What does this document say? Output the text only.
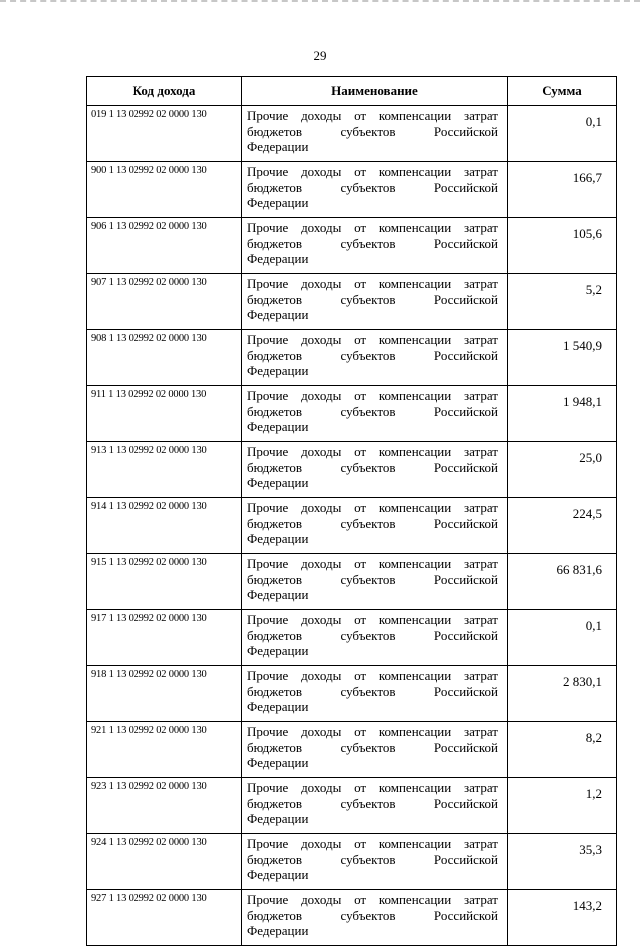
29
Код дохода	Наименование	Сумма
019 1 13 02992 02 0000 130	Прочие доходы от компенсации затрат
бюджетов субъектов Российской
Федерации	0,1
900 1 13 02992 02 0000 130	Прочие доходы от компенсации затрат
бюджетов субъектов Российской
Федерации	166,7
906 1 13 02992 02 0000 130	Прочие доходы от компенсации затрат
бюджетов субъектов Российской
Федерации	105,6
907 1 13 02992 02 0000 130	Прочие доходы от компенсации затрат
бюджетов субъектов Российской
Федерации	5,2
908 1 13 02992 02 0000 130	Прочие доходы от компенсации затрат
бюджетов субъектов Российской
Федерации	1 540,9
911 1 13 02992 02 0000 130	Прочие доходы от компенсации затрат
бюджетов субъектов Российской
Федерации	1 948,1
913 1 13 02992 02 0000 130	Прочие доходы от компенсации затрат
бюджетов субъектов Российской
Федерации	25,0
914 1 13 02992 02 0000 130	Прочие доходы от компенсации затрат
бюджетов субъектов Российской
Федерации	224,5
915 1 13 02992 02 0000 130	Прочие доходы от компенсации затрат
бюджетов субъектов Российской
Федерации	66 831,6
917 1 13 02992 02 0000 130	Прочие доходы от компенсации затрат
бюджетов субъектов Российской
Федерации	0,1
918 1 13 02992 02 0000 130	Прочие доходы от компенсации затрат
бюджетов субъектов Российской
Федерации	2 830,1
921 1 13 02992 02 0000 130	Прочие доходы от компенсации затрат
бюджетов субъектов Российской
Федерации	8,2
923 1 13 02992 02 0000 130	Прочие доходы от компенсации затрат
бюджетов субъектов Российской
Федерации	1,2
924 1 13 02992 02 0000 130	Прочие доходы от компенсации затрат
бюджетов субъектов Российской
Федерации	35,3
927 1 13 02992 02 0000 130	Прочие доходы от компенсации затрат
бюджетов субъектов Российской
Федерации	143,2
